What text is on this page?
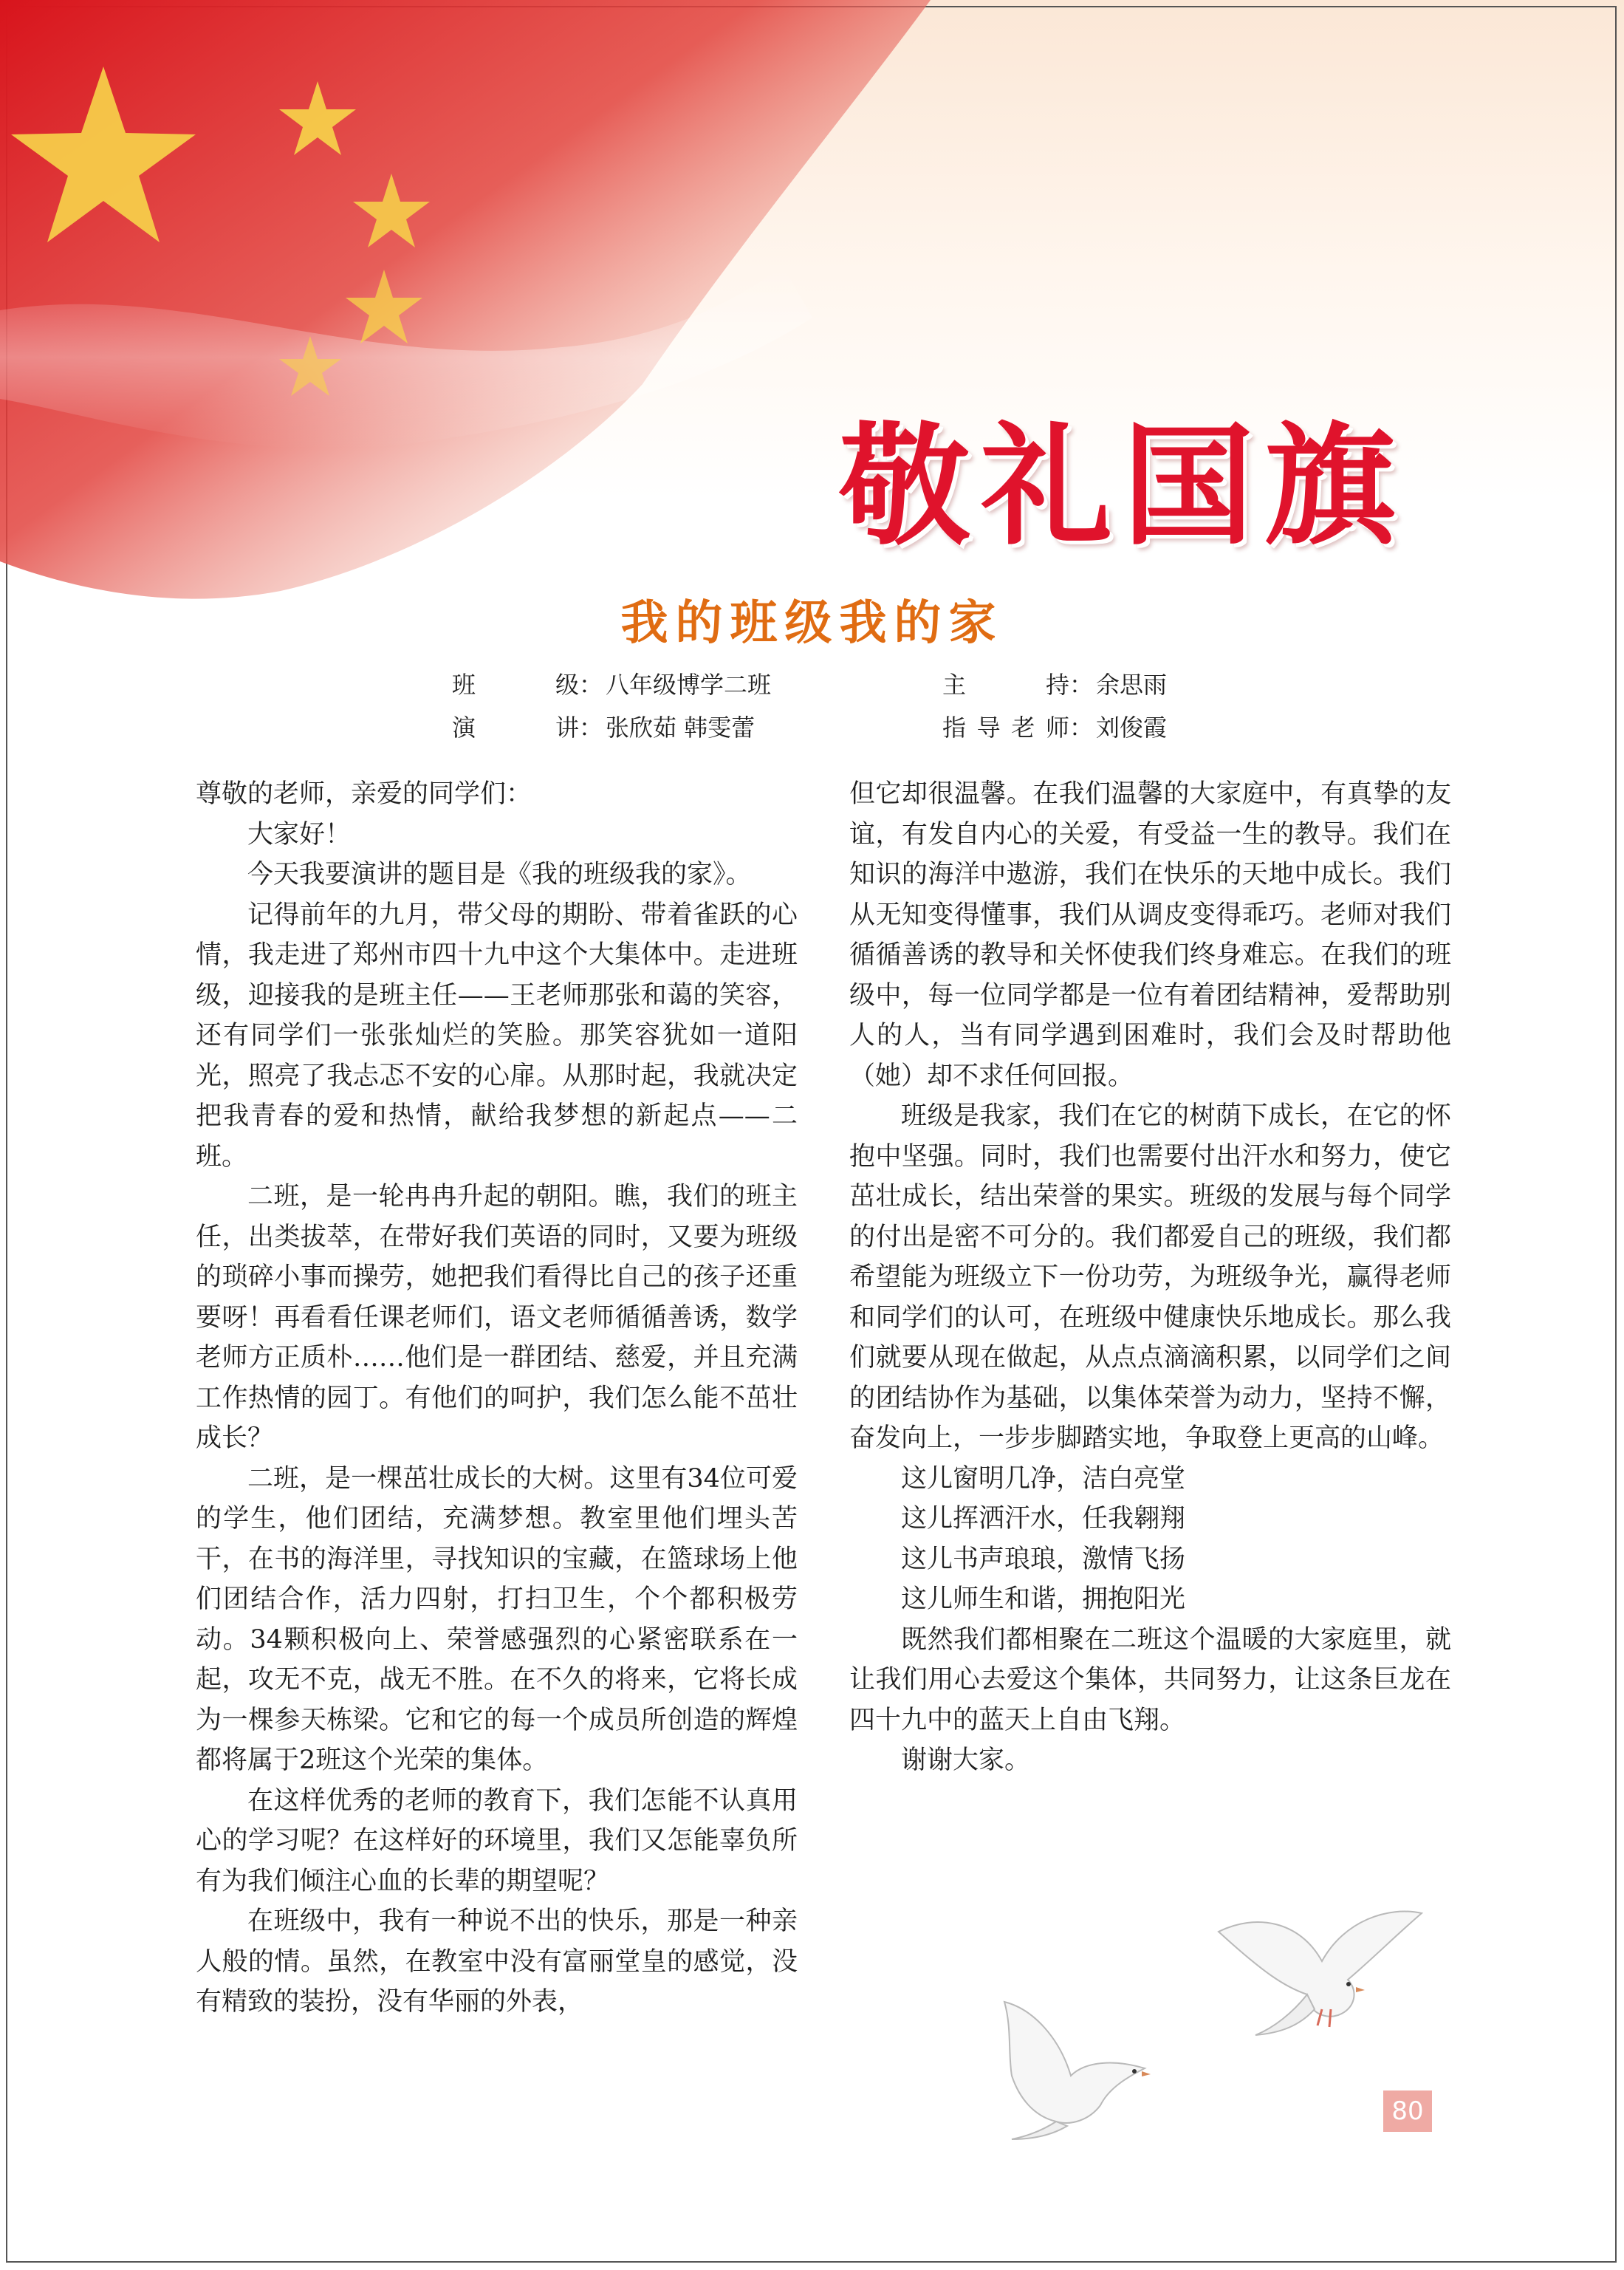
敬礼国旗
我的班级我的家
班级： 八年级博学二班
演讲： 张欣茹 韩雯蕾
主持： 余思雨
指导老师： 刘俊霞

尊敬的老师，亲爱的同学们：

大家好！

今天我要演讲的题目是《我的班级我的家》。

记得前年的九月，带父母的期盼、带着雀跃的心情，我走进了郑州市四十九中这个大集体中。走进班级，迎接我的是班主任——王老师那张和蔼的笑容，还有同学们一张张灿烂的笑脸。那笑容犹如一道阳光，照亮了我忐忑不安的心扉。从那时起，我就决定把我青春的爱和热情，献给我梦想的新起点——二班。

二班，是一轮冉冉升起的朝阳。瞧，我们的班主任，出类拔萃，在带好我们英语的同时，又要为班级的琐碎小事而操劳，她把我们看得比自己的孩子还重要呀！再看看任课老师们，语文老师循循善诱，数学老师方正质朴……他们是一群团结、慈爱，并且充满工作热情的园丁。有他们的呵护，我们怎么能不茁壮成长？

二班，是一棵茁壮成长的大树。这里有34位可爱的学生，他们团结，充满梦想。教室里他们埋头苦干，在书的海洋里，寻找知识的宝藏，在篮球场上他们团结合作，活力四射，打扫卫生，个个都积极劳动。34颗积极向上、荣誉感强烈的心紧密联系在一起，攻无不克，战无不胜。在不久的将来，它将长成为一棵参天栋梁。它和它的每一个成员所创造的辉煌都将属于2班这个光荣的集体。

在这样优秀的老师的教育下，我们怎能不认真用心的学习呢？在这样好的环境里，我们又怎能辜负所有为我们倾注心血的长辈的期望呢？

在班级中，我有一种说不出的快乐，那是一种亲人般的情。虽然，在教室中没有富丽堂皇的感觉，没有精致的装扮，没有华丽的外表，

但它却很温馨。在我们温馨的大家庭中，有真挚的友谊，有发自内心的关爱，有受益一生的教导。我们在知识的海洋中遨游，我们在快乐的天地中成长。我们从无知变得懂事，我们从调皮变得乖巧。老师对我们循循善诱的教导和关怀使我们终身难忘。在我们的班级中，每一位同学都是一位有着团结精神，爱帮助别人的人，当有同学遇到困难时，我们会及时帮助他（她）却不求任何回报。

班级是我家，我们在它的树荫下成长，在它的怀抱中坚强。同时，我们也需要付出汗水和努力，使它茁壮成长，结出荣誉的果实。班级的发展与每个同学的付出是密不可分的。我们都爱自己的班级，我们都希望能为班级立下一份功劳，为班级争光，赢得老师和同学们的认可，在班级中健康快乐地成长。那么我们就要从现在做起，从点点滴滴积累，以同学们之间的团结协作为基础，以集体荣誉为动力，坚持不懈，奋发向上，一步步脚踏实地，争取登上更高的山峰。

这儿窗明几净，洁白亮堂

这儿挥洒汗水，任我翱翔

这儿书声琅琅，激情飞扬

这儿师生和谐，拥抱阳光

既然我们都相聚在二班这个温暖的大家庭里，就让我们用心去爱这个集体，共同努力，让这条巨龙在四十九中的蓝天上自由飞翔。

谢谢大家。

80
